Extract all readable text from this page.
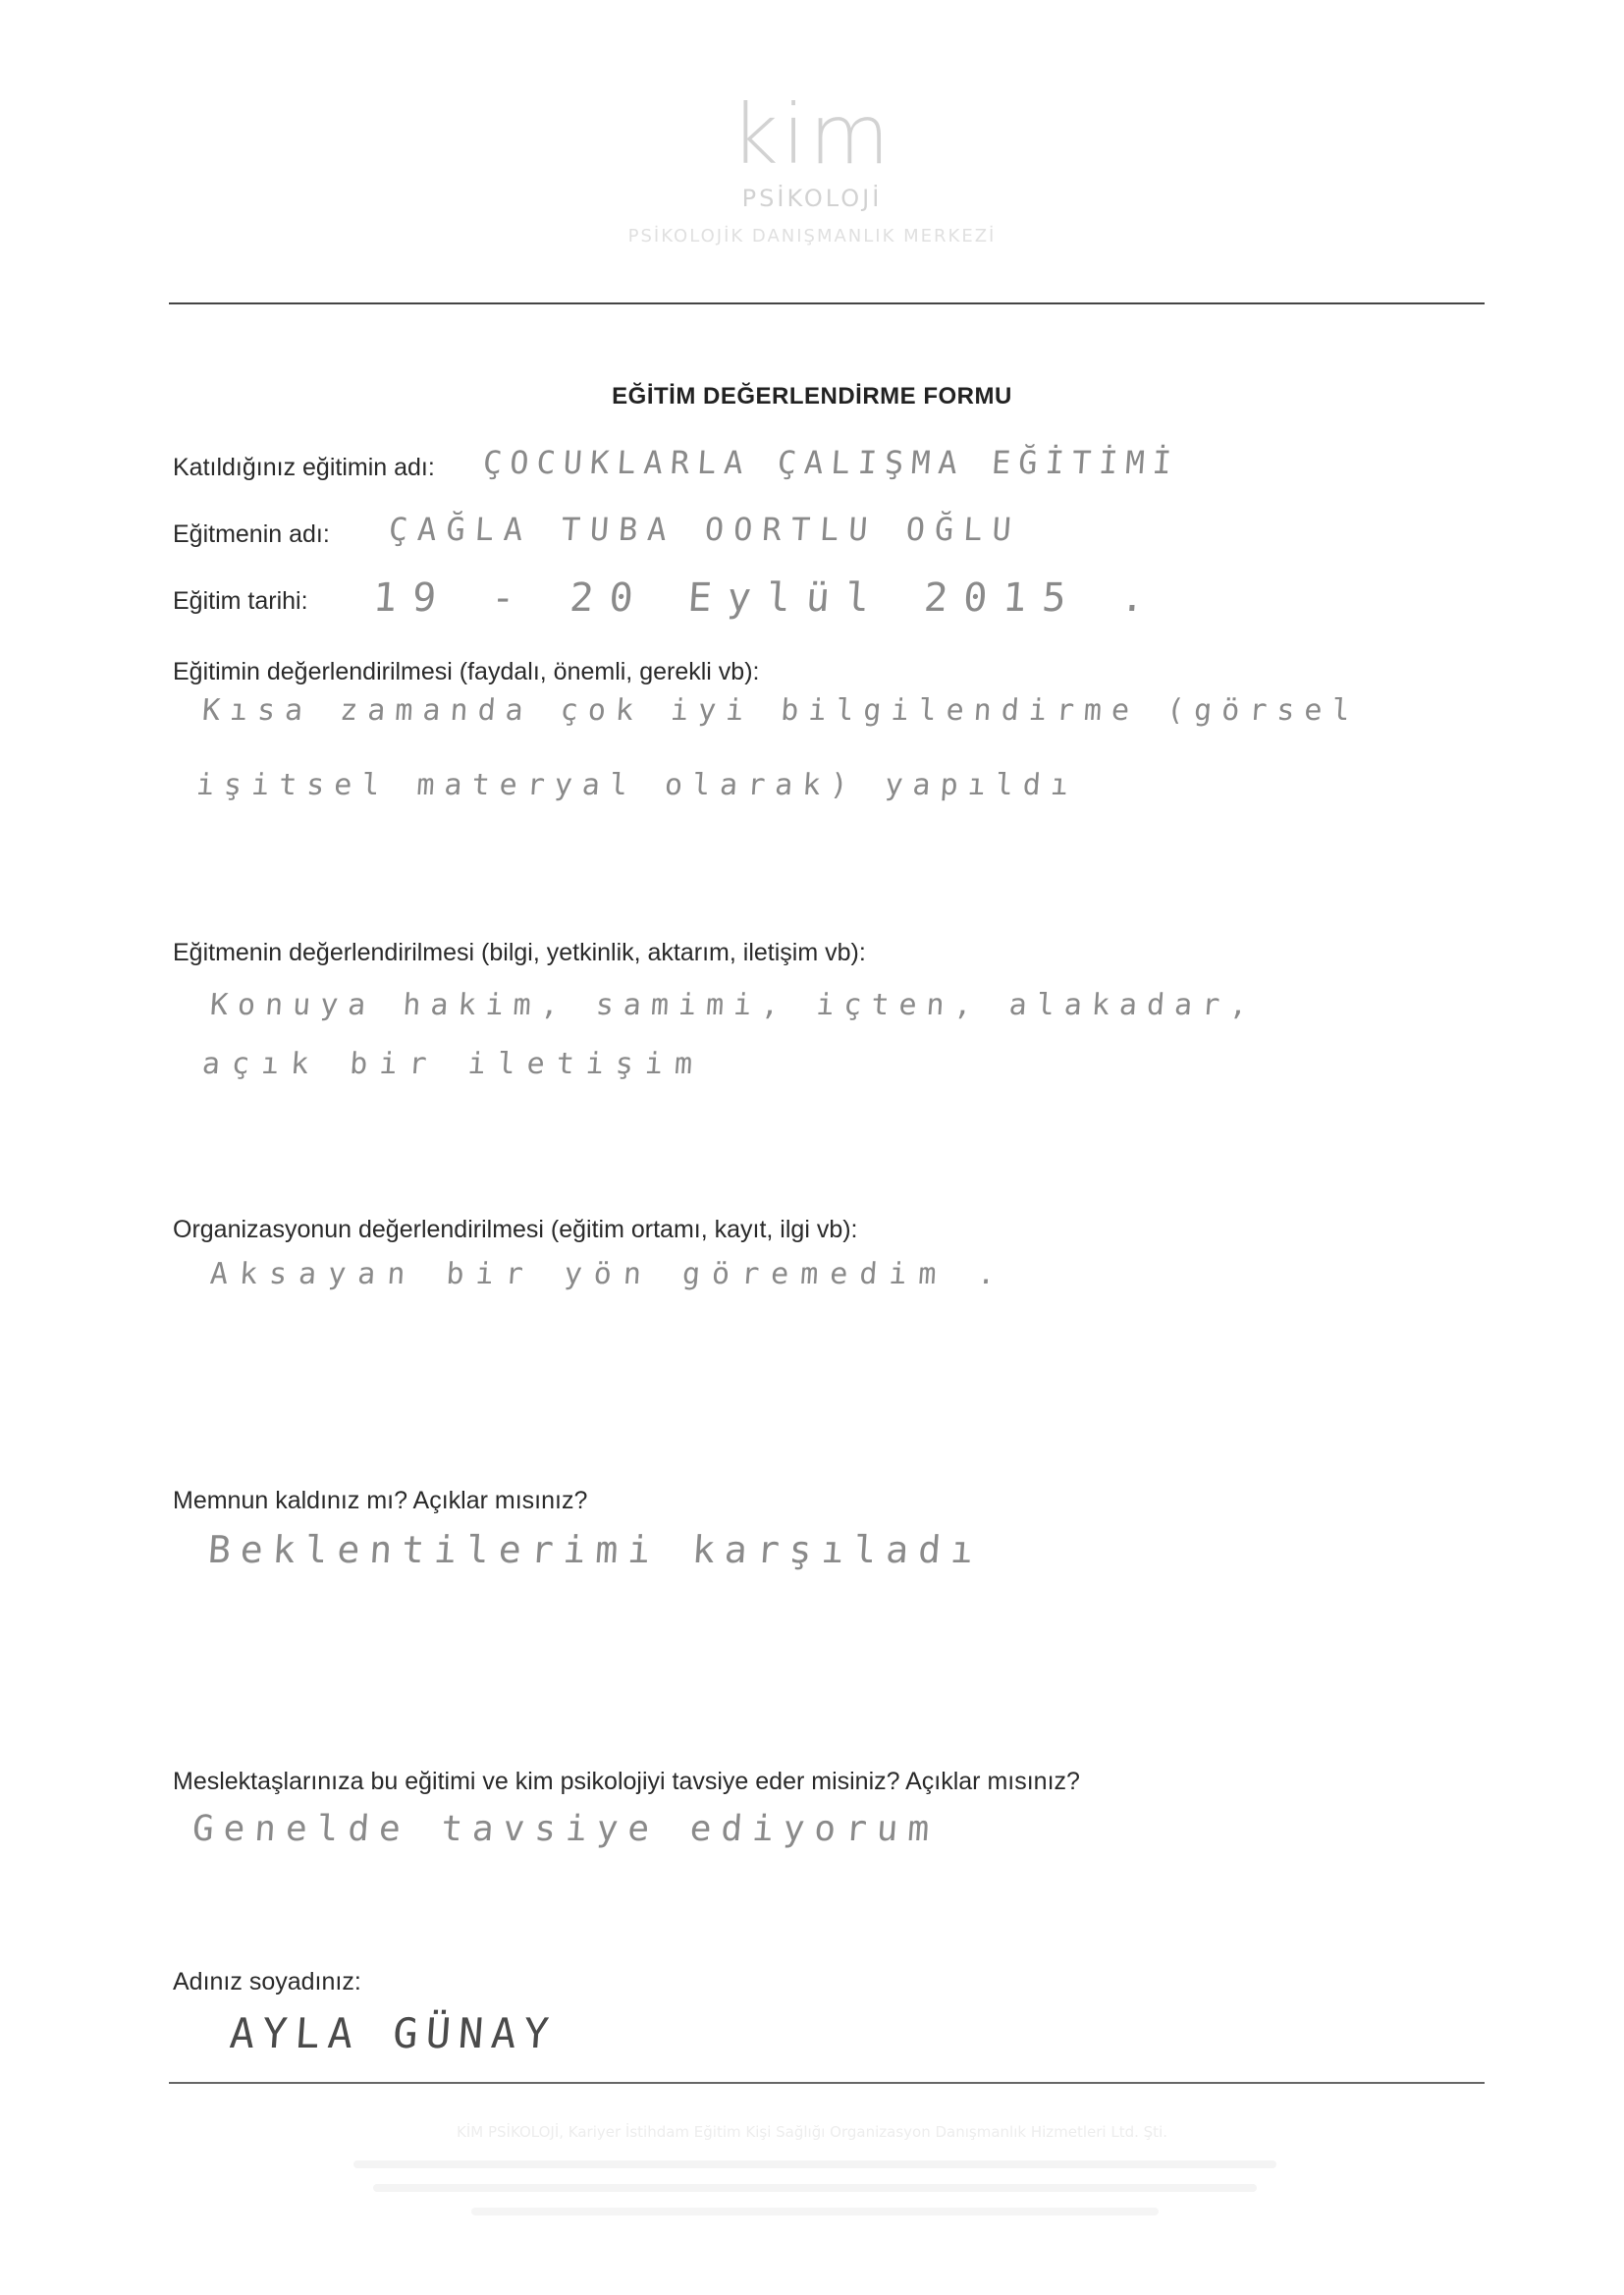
kim
PSİKOLOJİ
PSİKOLOJİK DANIŞMANLIK MERKEZİ
EĞİTİM DEĞERLENDİRME FORMU
Katıldığınız eğitimin adı: ÇOCUKLARLA ÇALIŞMA EĞİTİMİ
Eğitmenin adı: ÇAĞLA TUBA OORTLU OĞLU
Eğitim tarihi: 19 - 20 Eylül 2015 .
Eğitimin değerlendirilmesi (faydalı, önemli, gerekli vb):
Kısa zamanda çok iyi bilgilendirme (görsel
işitsel materyal olarak) yapıldı
Eğitmenin değerlendirilmesi (bilgi, yetkinlik, aktarım, iletişim vb):
Konuya hakim, samimi, içten, alakadar,
açık bir iletişim
Organizasyonun değerlendirilmesi (eğitim ortamı, kayıt, ilgi vb):
Aksayan bir yön göremedim .
Memnun kaldınız mı? Açıklar mısınız?
Beklentilerimi karşıladı
Meslektaşlarınıza bu eğitimi ve kim psikolojiyi tavsiye eder misiniz? Açıklar mısınız?
Genelde tavsiye ediyorum
Adınız soyadınız:
AYLA GÜNAY
KİM PSİKOLOJİ, Kariyer İstihdam Eğitim Kişi Sağlığı Organizasyon Danışmanlık Hizmetleri Ltd. Şti.
